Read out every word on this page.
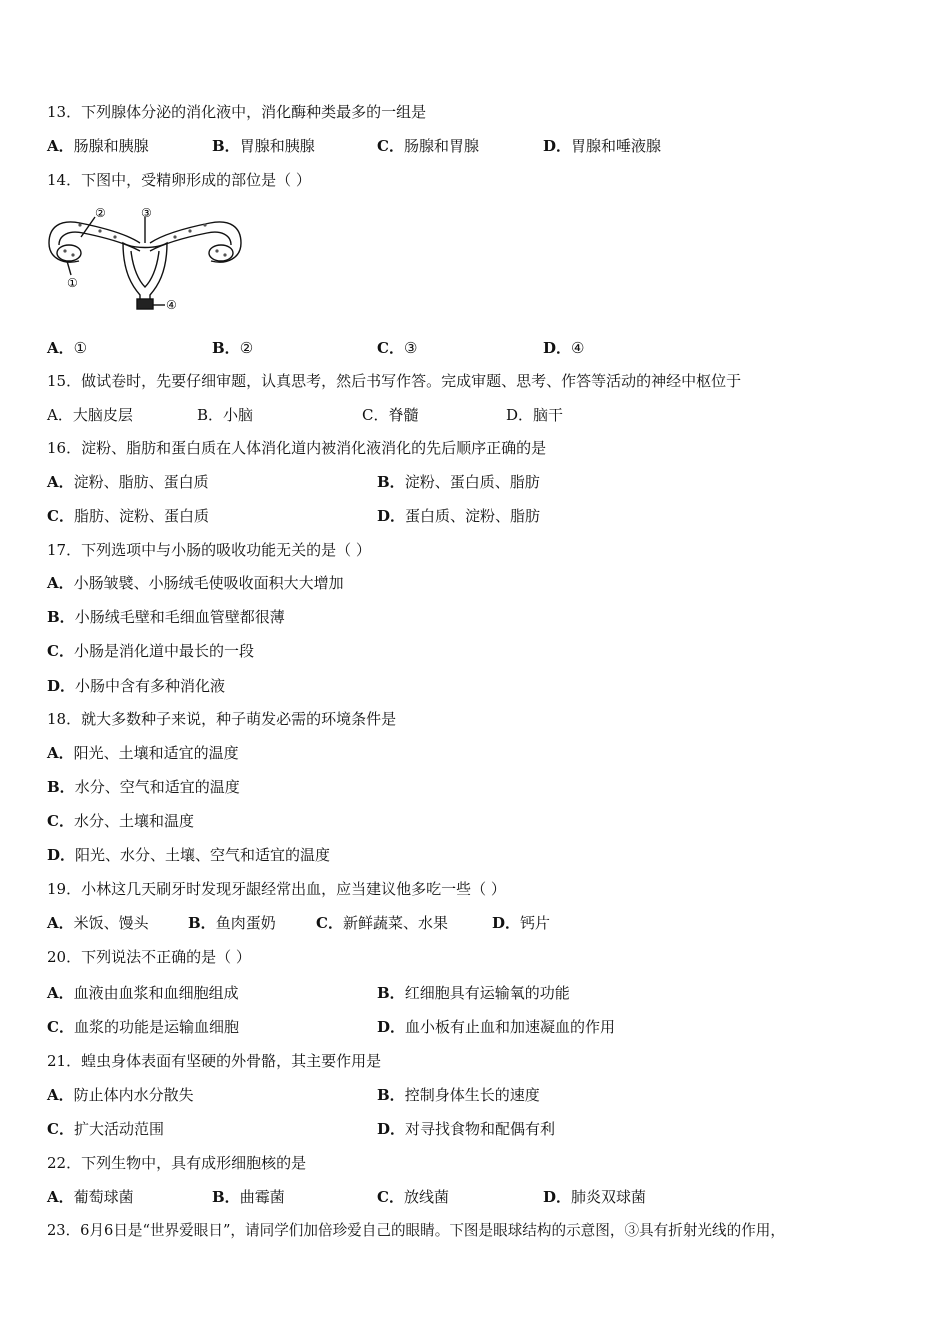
13．下列腺体分泌的消化液中，消化酶种类最多的一组是
A．肠腺和胰腺	B．胃腺和胰腺	C．肠腺和胃腺	D．胃腺和唾液腺
14．下图中，受精卵形成的部位是（ ）
②	③
①
④
A．①	B．②	C．③	D．④
15．做试卷时，先要仔细审题，认真思考，然后书写作答。完成审题、思考、作答等活动的神经中枢位于
A．大脑皮层	B．小脑	C．脊髓	D．脑干
16．淀粉、脂肪和蛋白质在人体消化道内被消化液消化的先后顺序正确的是
A．淀粉、脂肪、蛋白质	B．淀粉、蛋白质、脂肪
C．脂肪、淀粉、蛋白质	D．蛋白质、淀粉、脂肪
17．下列选项中与小肠的吸收功能无关的是（ ）
A．小肠皱襞、小肠绒毛使吸收面积大大增加
B．小肠绒毛壁和毛细血管壁都很薄
C．小肠是消化道中最长的一段
D．小肠中含有多种消化液
18．就大多数种子来说，种子萌发必需的环境条件是
A．阳光、土壤和适宜的温度
B．水分、空气和适宜的温度
C．水分、土壤和温度
D．阳光、水分、土壤、空气和适宜的温度
19．小林这几天刷牙时发现牙龈经常出血，应当建议他多吃一些（ ）
A．米饭、馒头	B．鱼肉蛋奶	C．新鲜蔬菜、水果	D．钙片
20．下列说法不正确的是（ ）
A．血液由血浆和血细胞组成	B．红细胞具有运输氧的功能
C．血浆的功能是运输血细胞	D．血小板有止血和加速凝血的作用
21．蝗虫身体表面有坚硬的外骨骼，其主要作用是
A．防止体内水分散失	B．控制身体生长的速度
C．扩大活动范围	D．对寻找食物和配偶有利
22．下列生物中，具有成形细胞核的是
A．葡萄球菌	B．曲霉菌	C．放线菌	D．肺炎双球菌
23．6月6日是“世界爱眼日”，请同学们加倍珍爱自己的眼睛。下图是眼球结构的示意图，③具有折射光线的作用，
